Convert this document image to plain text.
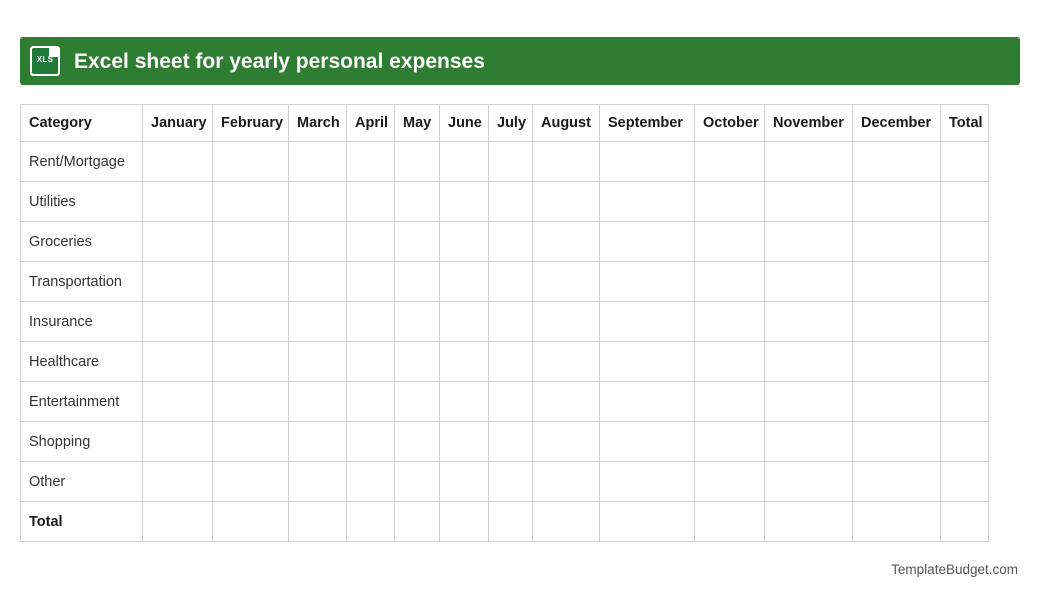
XLS Excel sheet for yearly personal expenses
Category	January	February	March	April	May	June	July	August	September	October	November	December	Total
Rent/Mortgage													
Utilities													
Groceries													
Transportation													
Insurance													
Healthcare													
Entertainment													
Shopping													
Other													
Total													
TemplateBudget.com
